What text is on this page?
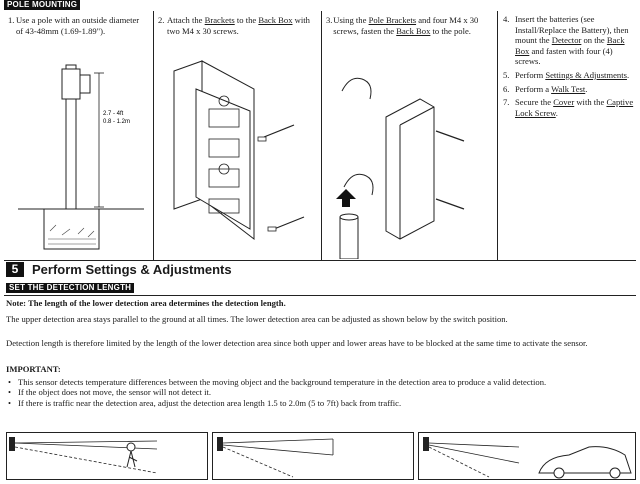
POLE MOUNTING

1. Use a pole with an outside diameter of 43-48mm (1.69-1.89").

2.7 - 4ft
0.8 - 1.2m

2. Attach the Brackets to the Back Box with two M4 x 30 screws.

3. Using the Pole Brackets and four M4 x 30 screws, fasten the Back Box to the pole.

4. Insert the batteries (see Install/Replace the Battery), then mount the Detector on the Back Box and fasten with four (4) screws.
5. Perform Settings & Adjustments.
6. Perform a Walk Test.
7. Secure the Cover with the Captive Lock Screw.
5	Perform Settings & Adjustments
SET THE DETECTION LENGTH
Note: The length of the lower detection area determines the detection length.
The upper detection area stays parallel to the ground at all times. The lower detection area can be adjusted as shown below by the switch position.
Detection length is therefore limited by the length of the lower detection area since both upper and lower areas have to be blocked at the same time to activate the sensor.
IMPORTANT:
• This sensor detects temperature differences between the moving object and the background temperature in the detection area to produce a valid detection.
• If the object does not move, the sensor will not detect it.
• If there is traffic near the detection area, adjust the detection area length 1.5 to 2.0m (5 to 7ft) back from traffic.
